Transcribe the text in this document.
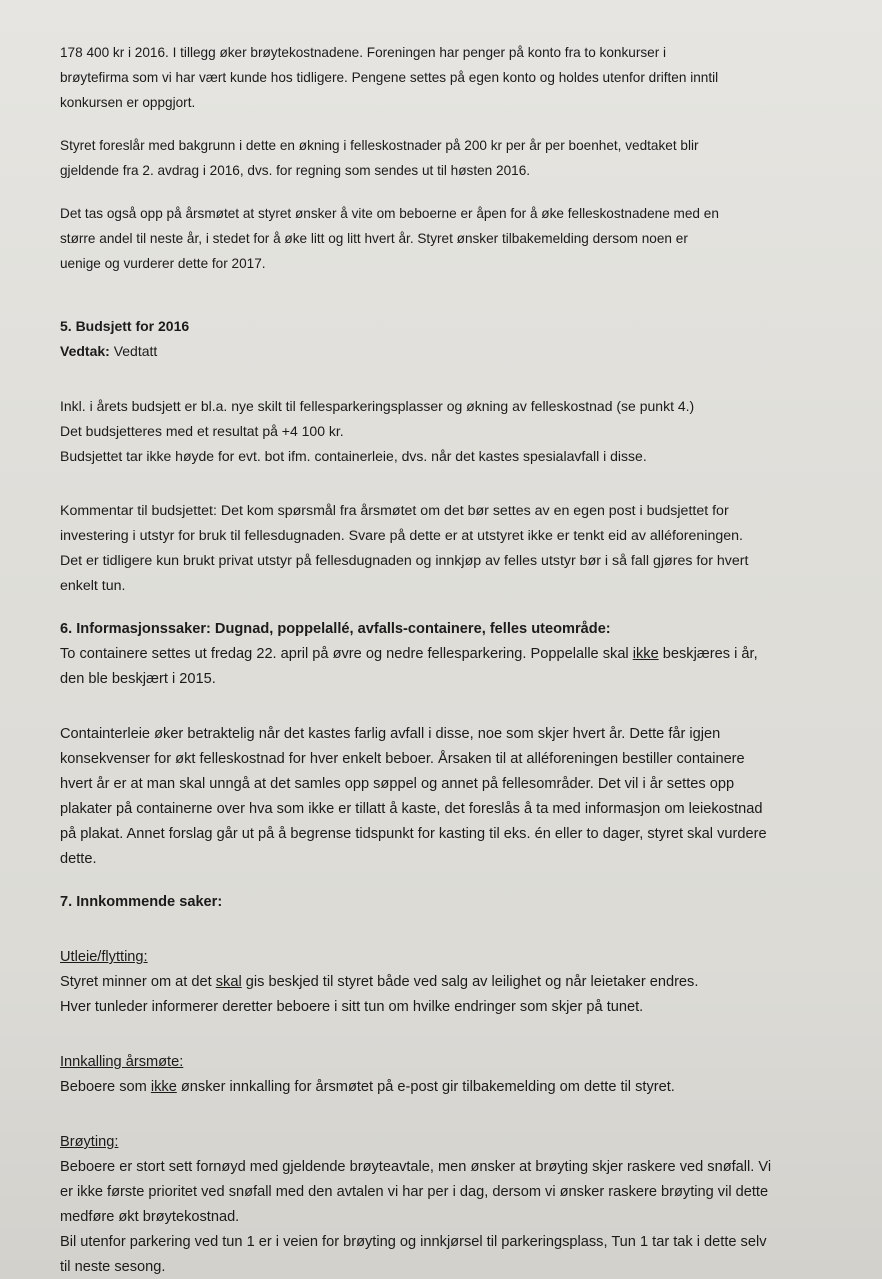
178 400 kr i 2016. I tillegg øker brøytekostnadene. Foreningen har penger på konto fra to konkurser i
brøytefirma som vi har vært kunde hos tidligere. Pengene settes på egen konto og holdes utenfor driften inntil
konkursen er oppgjort.
Styret foreslår med bakgrunn i dette en økning i felleskostnader på 200 kr per år per boenhet, vedtaket blir
gjeldende fra 2. avdrag i 2016, dvs. for regning som sendes ut til høsten 2016.
Det tas også opp på årsmøtet at styret ønsker å vite om beboerne er åpen for å øke felleskostnadene med en
større andel til neste år, i stedet for å øke litt og litt hvert år. Styret ønsker tilbakemelding dersom noen er
uenige og vurderer dette for 2017.
5. Budsjett for 2016
Vedtak: Vedtatt
Inkl. i årets budsjett er bl.a. nye skilt til fellesparkeringsplasser og økning av felleskostnad (se punkt 4.)
Det budsjetteres med et resultat på +4 100 kr.
Budsjettet tar ikke høyde for evt. bot ifm. containerleie, dvs. når det kastes spesialavfall i disse.
Kommentar til budsjettet: Det kom spørsmål fra årsmøtet om det bør settes av en egen post i budsjettet for
investering i utstyr for bruk til fellesdugnaden. Svare på dette er at utstyret ikke er tenkt eid av alléforeningen.
Det er tidligere kun brukt privat utstyr på fellesdugnaden og innkjøp av felles utstyr bør i så fall gjøres for hvert
enkelt tun.
6. Informasjonssaker: Dugnad, poppelallé, avfalls-containere, felles uteområde:
To containere settes ut fredag 22. april på øvre og nedre fellesparkering. Poppelalle skal ikke beskjæres i år,
den ble beskjært i 2015.
Containterleie øker betraktelig når det kastes farlig avfall i disse, noe som skjer hvert år. Dette får igjen
konsekvenser for økt felleskostnad for hver enkelt beboer. Årsaken til at alléforeningen bestiller containere
hvert år er at man skal unngå at det samles opp søppel og annet på fellesområder. Det vil i år settes opp
plakater på containerne over hva som ikke er tillatt å kaste, det foreslås å ta med informasjon om leiekostnad
på plakat. Annet forslag går ut på å begrense tidspunkt for kasting til eks. én eller to dager, styret skal vurdere
dette.
7. Innkommende saker:
Utleie/flytting:
Styret minner om at det skal gis beskjed til styret både ved salg av leilighet og når leietaker endres.
Hver tunleder informerer deretter beboere i sitt tun om hvilke endringer som skjer på tunet.
Innkalling årsmøte:
Beboere som ikke ønsker innkalling for årsmøtet på e-post gir tilbakemelding om dette til styret.
Brøyting:
Beboere er stort sett fornøyd med gjeldende brøyteavtale, men ønsker at brøyting skjer raskere ved snøfall. Vi
er ikke første prioritet ved snøfall med den avtalen vi har per i dag, dersom vi ønsker raskere brøyting vil dette
medføre økt brøytekostnad.
Bil utenfor parkering ved tun 1 er i veien for brøyting og innkjørsel til parkeringsplass, Tun 1 tar tak i dette selv
til neste sesong.
